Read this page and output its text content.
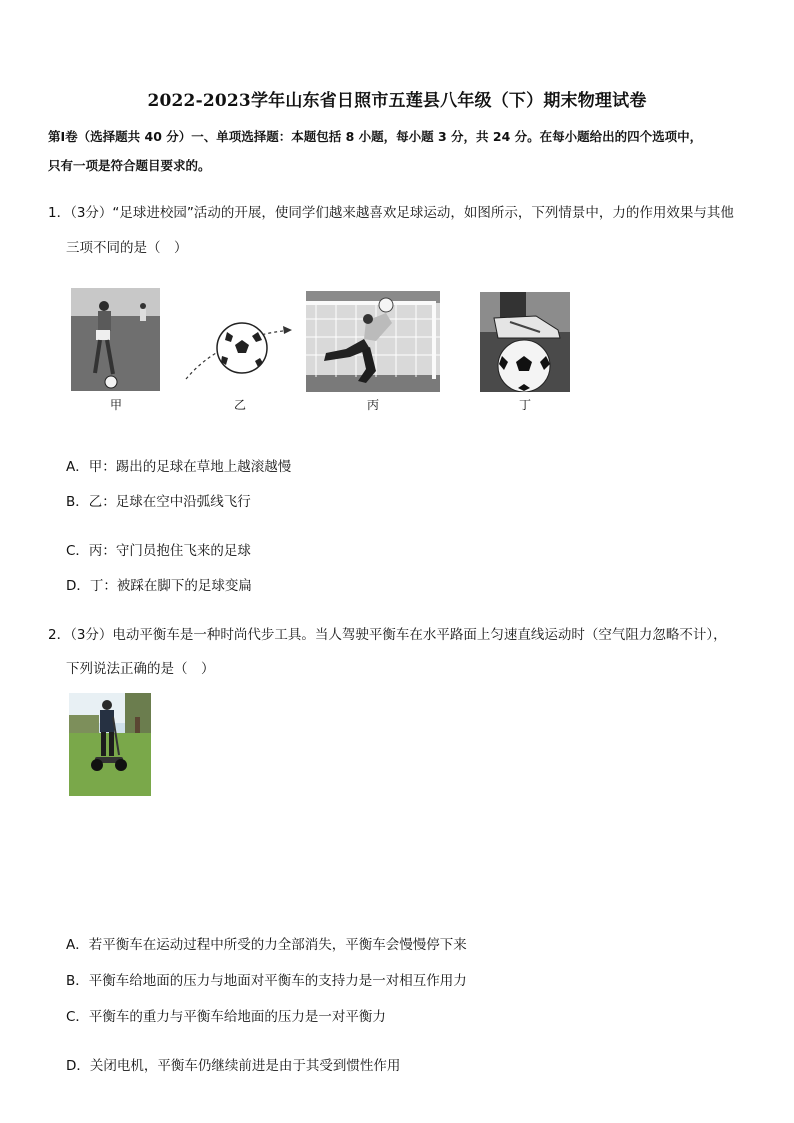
2022-2023学年山东省日照市五莲县八年级（下）期末物理试卷
第Ⅰ卷（选择题共 40 分）一、单项选择题：本题包括 8 小题，每小题 3 分，共 24 分。在每小题给出的四个选项中，
只有一项是符合题目要求的。
1．（3分）“足球进校园”活动的开展，使同学们越来越喜欢足球运动，如图所示，下列情景中，力的作用效果与其他
三项不同的是（　）
甲	乙	丙	丁
A．甲：踢出的足球在草地上越滚越慢
B．乙：足球在空中沿弧线飞行
C．丙：守门员抱住飞来的足球
D．丁：被踩在脚下的足球变扁
2．（3分）电动平衡车是一种时尚代步工具。当人驾驶平衡车在水平路面上匀速直线运动时（空气阻力忽略不计），
下列说法正确的是（　）
A．若平衡车在运动过程中所受的力全部消失，平衡车会慢慢停下来
B．平衡车给地面的压力与地面对平衡车的支持力是一对相互作用力
C．平衡车的重力与平衡车给地面的压力是一对平衡力
D．关闭电机，平衡车仍继续前进是由于其受到惯性作用
